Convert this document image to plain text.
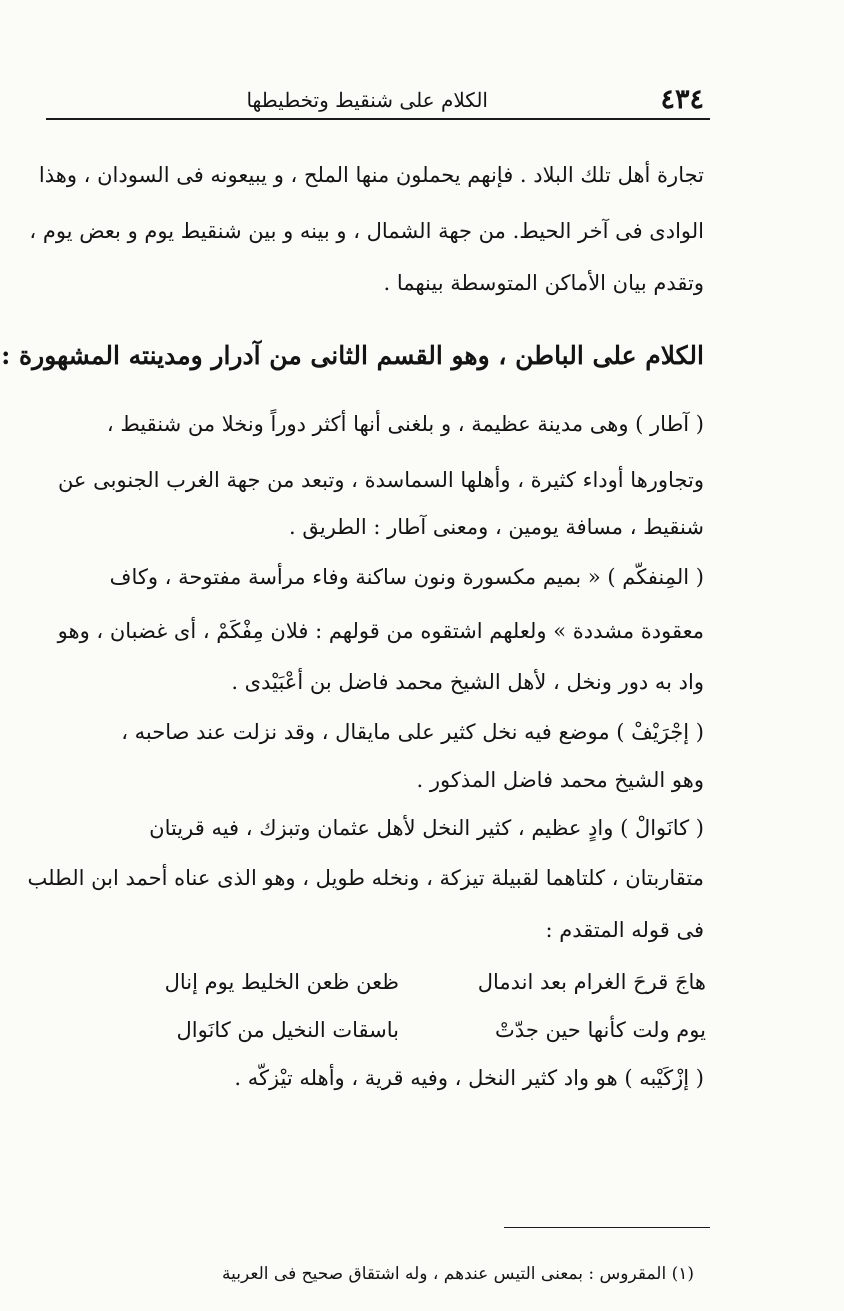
٤٣٤
الكلام على شنقيط وتخطيطها
تجارة أهل تلك البلاد . فإنهم يحملون منها الملح ، و يبيعونه فى السودان ، وهذا
الوادى فى آخر الحيط. من جهة الشمال ، و بينه و بين شنقيط يوم و بعض يوم ،
وتقدم بيان الأماكن المتوسطة بينهما .
الكلام على الباطن ، وهو القسم الثانى من آدرار ومدينته المشهورة :
( آطار ) وهى مدينة عظيمة ، و بلغنى أنها أكثر دوراً ونخلا من شنقيط ،
وتجاورها أوداء كثيرة ، وأهلها السماسدة ، وتبعد من جهة الغرب الجنوبى عن
شنقيط ، مسافة يومين ، ومعنى آطار : الطريق .
( المِنفكّم ) « بميم مكسورة ونون ساكنة وفاء مرأسة مفتوحة ، وكاف
معقودة مشددة » ولعلهم اشتقوه من قولهم : فلان مِفْكَمْ ، أى غضبان ، وهو
واد به دور ونخل ، لأهل الشيخ محمد فاضل بن أعْبَيْدى .
( إجْرَيْفْ ) موضع فيه نخل كثير على مايقال ، وقد نزلت عند صاحبه ،
وهو الشيخ محمد فاضل المذكور .
( كانَوالْ ) وادٍ عظيم ، كثير النخل لأهل عثمان وتبزك ، فيه قريتان
متقاربتان ، كلتاهما لقبيلة تيزكة ، ونخله طويل ، وهو الذى عناه أحمد ابن الطلب
فى قوله المتقدم :
هاجَ قرحَ الغرام بعد اندمال
ظعن ظعن الخليط يوم إنال
يوم ولت كأنها حين جدّتْ
باسقات النخيل من كانَوال
( إزْكَيْبه ) هو واد كثير النخل ، وفيه قرية ، وأهله تيْزكّه .
(١) المقروس : بمعنى التيس عندهم ، وله اشتقاق صحيح فى العربية
